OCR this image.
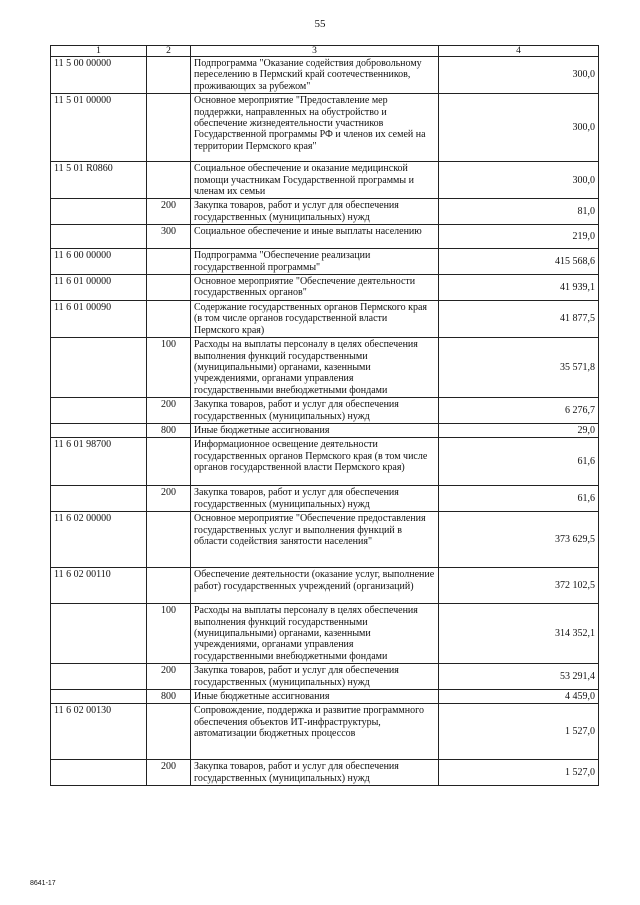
55
1	2	3	4
11 5 00 00000		Подпрограмма "Оказание содействия добровольному переселению в Пермский край соотечественников, проживающих за рубежом"	300,0
11 5 01 00000		Основное мероприятие "Предоставление мер поддержки, направленных на обустройство и обеспечение жизнедеятельности участников Государственной программы РФ и членов их семей на территории Пермского края"	300,0
11 5 01 R0860		Социальное обеспечение и оказание медицинской помощи участникам Государственной программы и членам их семьи	300,0
	200	Закупка товаров, работ и услуг для обеспечения государственных (муниципальных) нужд	81,0
	300	Социальное обеспечение и иные выплаты населению	219,0
11 6 00 00000		Подпрограмма "Обеспечение реализации государственной программы"	415 568,6
11 6 01 00000		Основное мероприятие "Обеспечение деятельности государственных органов"	41 939,1
11 6 01 00090		Содержание государственных органов Пермского края (в том числе органов государственной власти Пермского края)	41 877,5
	100	Расходы на выплаты персоналу в целях обеспечения выполнения функций государственными (муниципальными) органами, казенными учреждениями, органами управления государственными внебюджетными фондами	35 571,8
	200	Закупка товаров, работ и услуг для обеспечения государственных (муниципальных) нужд	6 276,7
	800	Иные бюджетные ассигнования	29,0
11 6 01 98700		Информационное освещение деятельности государственных органов Пермского края (в том числе органов государственной власти Пермского края)	61,6
	200	Закупка товаров, работ и услуг для обеспечения государственных (муниципальных) нужд	61,6
11 6 02 00000		Основное мероприятие "Обеспечение предоставления государственных услуг и выполнения функций в области содействия занятости населения"	373 629,5
11 6 02 00110		Обеспечение деятельности (оказание услуг, выполнение работ) государственных учреждений (организаций)	372 102,5
	100	Расходы на выплаты персоналу в целях обеспечения выполнения функций государственными (муниципальными) органами, казенными учреждениями, органами управления государственными внебюджетными фондами	314 352,1
	200	Закупка товаров, работ и услуг для обеспечения государственных (муниципальных) нужд	53 291,4
	800	Иные бюджетные ассигнования	4 459,0
11 6 02 00130		Сопровождение, поддержка и развитие программного обеспечения объектов ИТ-инфраструктуры, автоматизации бюджетных процессов	1 527,0
	200	Закупка товаров, работ и услуг для обеспечения государственных (муниципальных) нужд	1 527,0
8641-17
